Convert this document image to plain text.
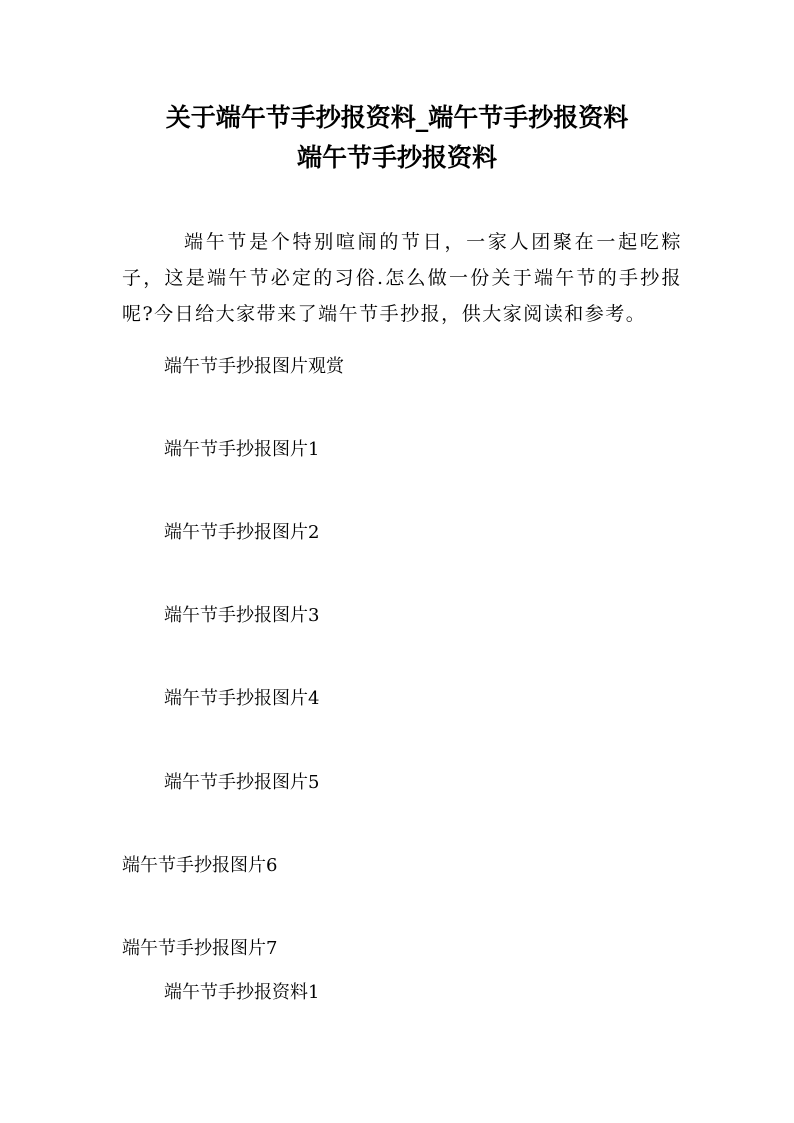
关于端午节手抄报资料_端午节手抄报资料
端午节手抄报资料

端午节是个特别喧闹的节日，一家人团聚在一起吃粽子，这是端午节必定的习俗.怎么做一份关于端午节的手抄报呢?今日给大家带来了端午节手抄报，供大家阅读和参考。

端午节手抄报图片观赏

端午节手抄报图片1

端午节手抄报图片2

端午节手抄报图片3

端午节手抄报图片4

端午节手抄报图片5

端午节手抄报图片6

端午节手抄报图片7

端午节手抄报资料1
